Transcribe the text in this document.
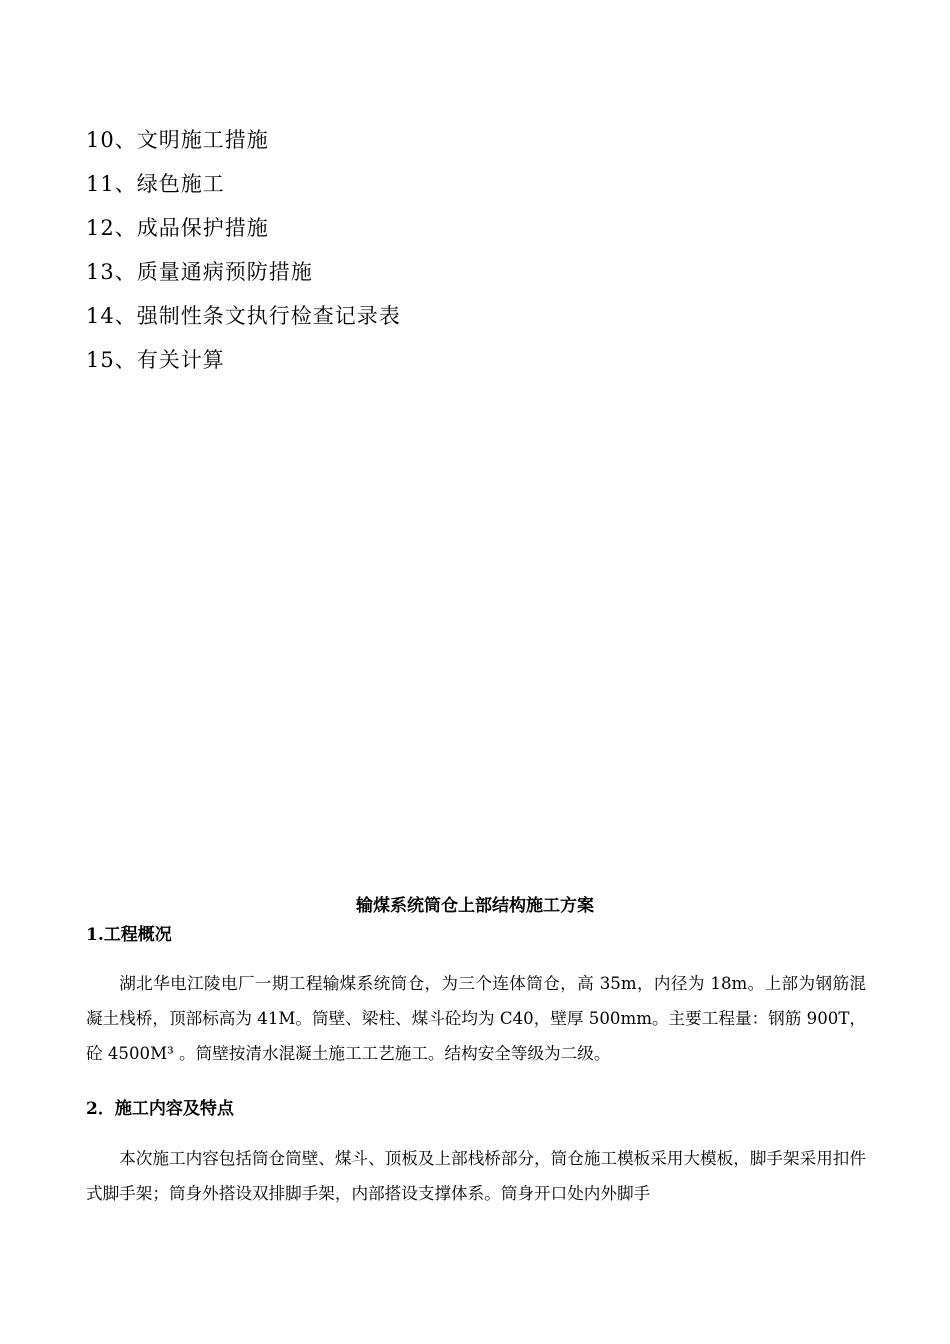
10、文明施工措施
11、绿色施工
12、成品保护措施
13、质量通病预防措施
14、强制性条文执行检查记录表
15、有关计算
输煤系统筒仓上部结构施工方案
1.工程概况

湖北华电江陵电厂一期工程输煤系统筒仓，为三个连体筒仓，高 35m，内径为 18m。上部为钢筋混凝土栈桥，顶部标高为 41M。筒壁、梁柱、煤斗砼均为 C40，壁厚 500mm。主要工程量：钢筋 900T，砼 4500M³ 。筒壁按清水混凝土施工工艺施工。结构安全等级为二级。

2．施工内容及特点

本次施工内容包括筒仓筒壁、煤斗、顶板及上部栈桥部分，筒仓施工模板采用大模板，脚手架采用扣件式脚手架；筒身外搭设双排脚手架，内部搭设支撑体系。筒身开口处内外脚手
